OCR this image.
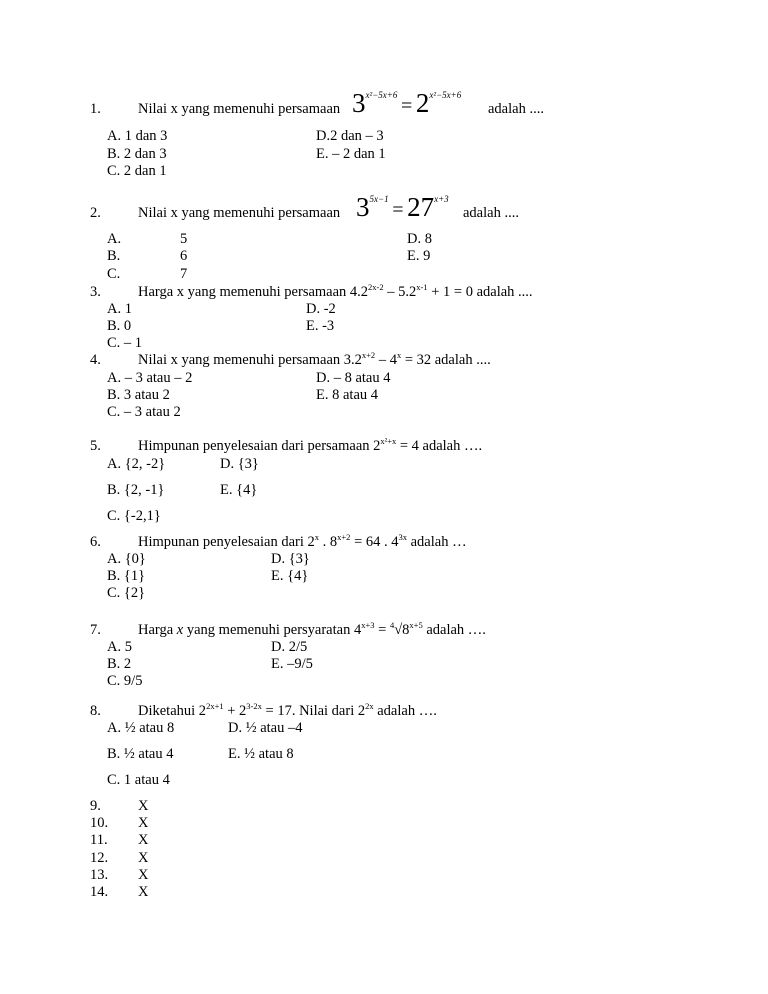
1.	Nilai x yang memenuhi persamaan $3^{x^2-5x+6} = 2^{x^2-5x+6}$
adalah ....
A. 1 dan 3	D.2 dan – 3
B. 2 dan 3	E. – 2 dan 1
C. 2 dan 1
2.	Nilai x yang memenuhi persamaan $3^{5x-1} = 27^{x+3}$
adalah ....
A.	5	D. 8
B.	6	E. 9
C.	7
3.	Harga x yang memenuhi persamaan $4.2^{2x-2} - 5.2^{x-1} + 1 = 0$ adalah ....
A. 1	D. -2
B. 0	E. -3
C. – 1
4.	Nilai x yang memenuhi persamaan $3.2^{x+2} - 4^x = 32$ adalah ....
A. – 3 atau – 2	D. – 8 atau 4
B. 3 atau 2	E. 8 atau 4
C. – 3 atau 2
5.	Himpunan penyelesaian dari persamaan $2^{x^2+x} = 4$ adalah ….
A. {2, -2}	D. {3}
B. {2, -1}	E. {4}
C. {-2,1}
6.	Himpunan penyelesaian dari 2$^x$ . $8^{x+2} = 64$ . $4^{3x}$ adalah …
A. {0}	D. {3}
B. {1}	E. {4}
C. {2}
7.	Harga x yang memenuhi persyaratan $4^{x+3} = ^4√8^{x+5}$ adalah ….
A. 5	D. 2/5
B. 2	E. –9/5
C. 9/5
8.	Diketahui $2^{2x+1} + 2^{3-2x} = 17$. Nilai dari $2^{2x}$ adalah ….
A. ½ atau 8	D. ½ atau –4
B. ½ atau 4	E. ½ atau 8
C. 1 atau 4
9.	X
10. X
11. X
12. X
13. X
14. X
